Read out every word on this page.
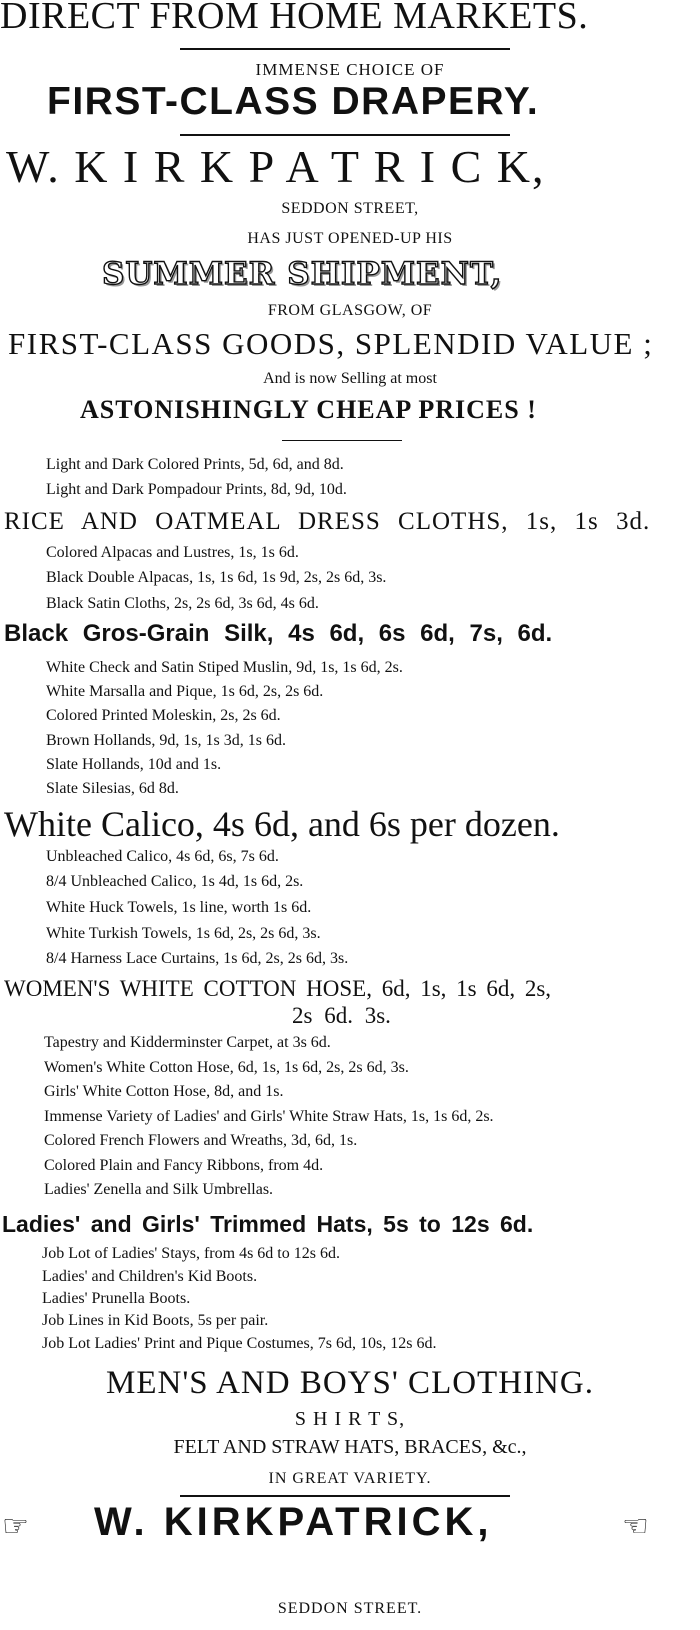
DIRECT FROM HOME MARKETS.
IMMENSE CHOICE OF
FIRST-CLASS DRAPERY.
W. K I R K P A T R I C K,
SEDDON STREET,
HAS JUST OPENED-UP HIS
SUMMER SHIPMENT,
FROM GLASGOW, OF
FIRST-CLASS GOODS, SPLENDID VALUE ;
And is now Selling at most
ASTONISHINGLY CHEAP PRICES !
Light and Dark Colored Prints, 5d, 6d, and 8d.
Light and Dark Pompadour Prints, 8d, 9d, 10d.
RICE AND OATMEAL DRESS CLOTHS, 1s, 1s 3d.
Colored Alpacas and Lustres, 1s, 1s 6d.
Black Double Alpacas, 1s, 1s 6d, 1s 9d, 2s, 2s 6d, 3s.
Black Satin Cloths, 2s, 2s 6d, 3s 6d, 4s 6d.
Black Gros-Grain Silk, 4s 6d, 6s 6d, 7s, 6d.
White Check and Satin Stiped Muslin, 9d, 1s, 1s 6d, 2s.
White Marsalla and Pique, 1s 6d, 2s, 2s 6d.
Colored Printed Moleskin, 2s, 2s 6d.
Brown Hollands, 9d, 1s, 1s 3d, 1s 6d.
Slate Hollands, 10d and 1s.
Slate Silesias, 6d 8d.
White Calico, 4s 6d, and 6s per dozen.
Unbleached Calico, 4s 6d, 6s, 7s 6d.
8/4 Unbleached Calico, 1s 4d, 1s 6d, 2s.
White Huck Towels, 1s line, worth 1s 6d.
White Turkish Towels, 1s 6d, 2s, 2s 6d, 3s.
8/4 Harness Lace Curtains, 1s 6d, 2s, 2s 6d, 3s.
WOMEN'S WHITE COTTON HOSE, 6d, 1s, 1s 6d, 2s,
2s 6d. 3s.
Tapestry and Kidderminster Carpet, at 3s 6d.
Women's White Cotton Hose, 6d, 1s, 1s 6d, 2s, 2s 6d, 3s.
Girls' White Cotton Hose, 8d, and 1s.
Immense Variety of Ladies' and Girls' White Straw Hats, 1s, 1s 6d, 2s.
Colored French Flowers and Wreaths, 3d, 6d, 1s.
Colored Plain and Fancy Ribbons, from 4d.
Ladies' Zenella and Silk Umbrellas.
Ladies' and Girls' Trimmed Hats, 5s to 12s 6d.
Job Lot of Ladies' Stays, from 4s 6d to 12s 6d.
Ladies' and Children's Kid Boots.
Ladies' Prunella Boots.
Job Lines in Kid Boots, 5s per pair.
Job Lot Ladies' Print and Pique Costumes, 7s 6d, 10s, 12s 6d.
MEN'S AND BOYS' CLOTHING.
S H I R T S,
FELT AND STRAW HATS, BRACES, &c.,
IN GREAT VARIETY.
☞ W. KIRKPATRICK,	☜
SEDDON STREET.
